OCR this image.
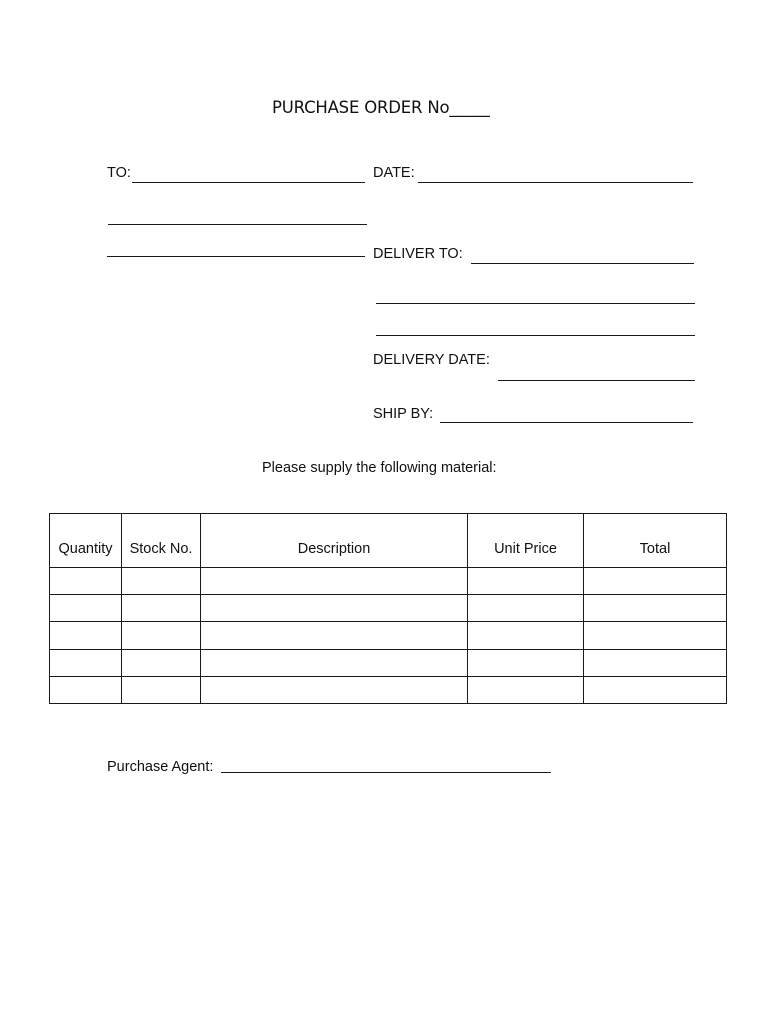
PURCHASE ORDER No_____
TO:	DATE:
DELIVER TO:
DELIVERY DATE:
SHIP BY:
Please supply the following material:
Quantity	Stock No.	Description	Unit Price	Total

Purchase Agent:
